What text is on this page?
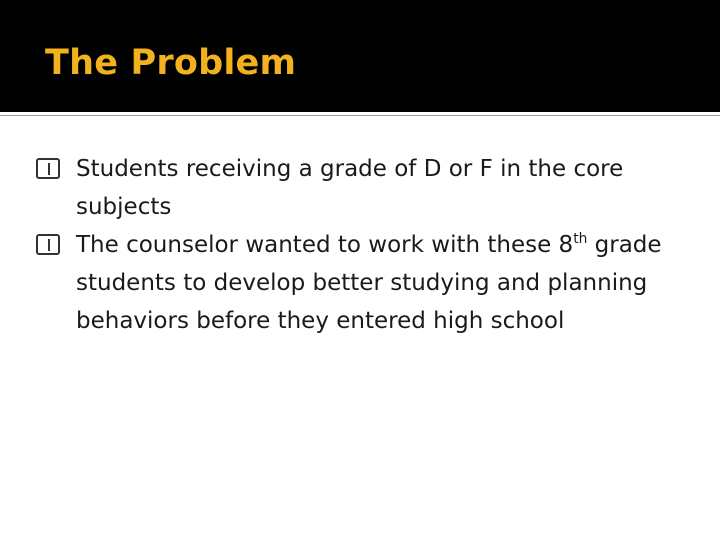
The Problem
Students receiving a grade of D or F in the core subjects
The counselor wanted to work with these 8th grade students to develop better studying and planning behaviors before they entered high school
